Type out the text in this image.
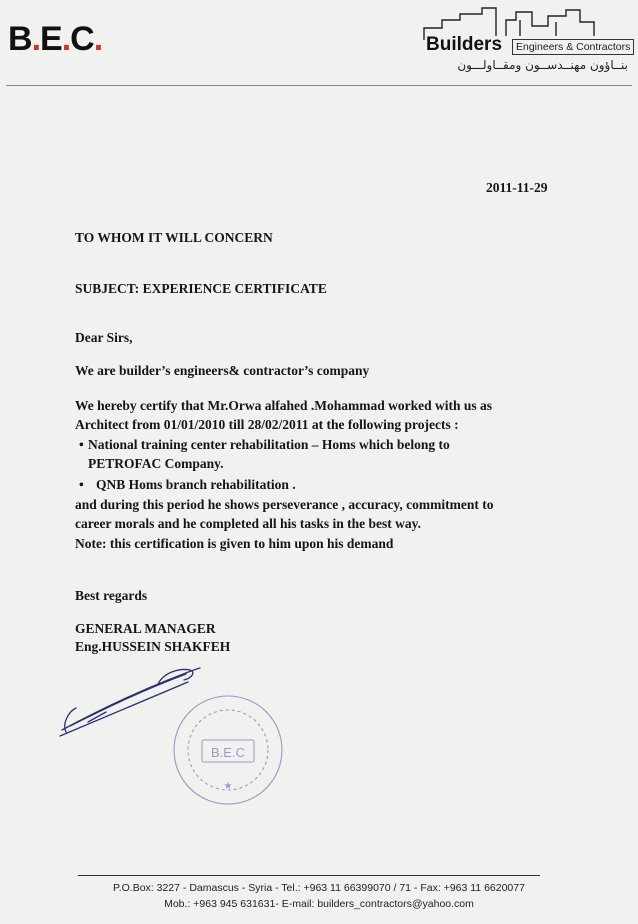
B.E.C.	Builders	Engineers & Contractors
بنــاؤون مهنــدســون ومقــاولـــون
2011-11-29
TO WHOM IT WILL CONCERN
SUBJECT: EXPERIENCE CERTIFICATE
Dear Sirs,
We are builder’s engineers& contractor’s company
We hereby certify that Mr.Orwa alfahed .Mohammad worked with us as
Architect from 01/01/2010 till 28/02/2011 at the following projects :
• National training center rehabilitation – Homs which belong to
PETROFAC Company.
• QNB Homs branch rehabilitation .
and during this period he shows perseverance , accuracy, commitment to
career morals and he completed all his tasks in the best way.
Note: this certification is given to him upon his demand
Best regards
GENERAL MANAGER
Eng.HUSSEIN SHAKFEH
B.E.C
★
P.O.Box: 3227 - Damascus - Syria - Tel.: +963 11 66399070 / 71 - Fax: +963 11 6620077
Mob.: +963 945 631631- E-mail: builders_contractors@yahoo.com
